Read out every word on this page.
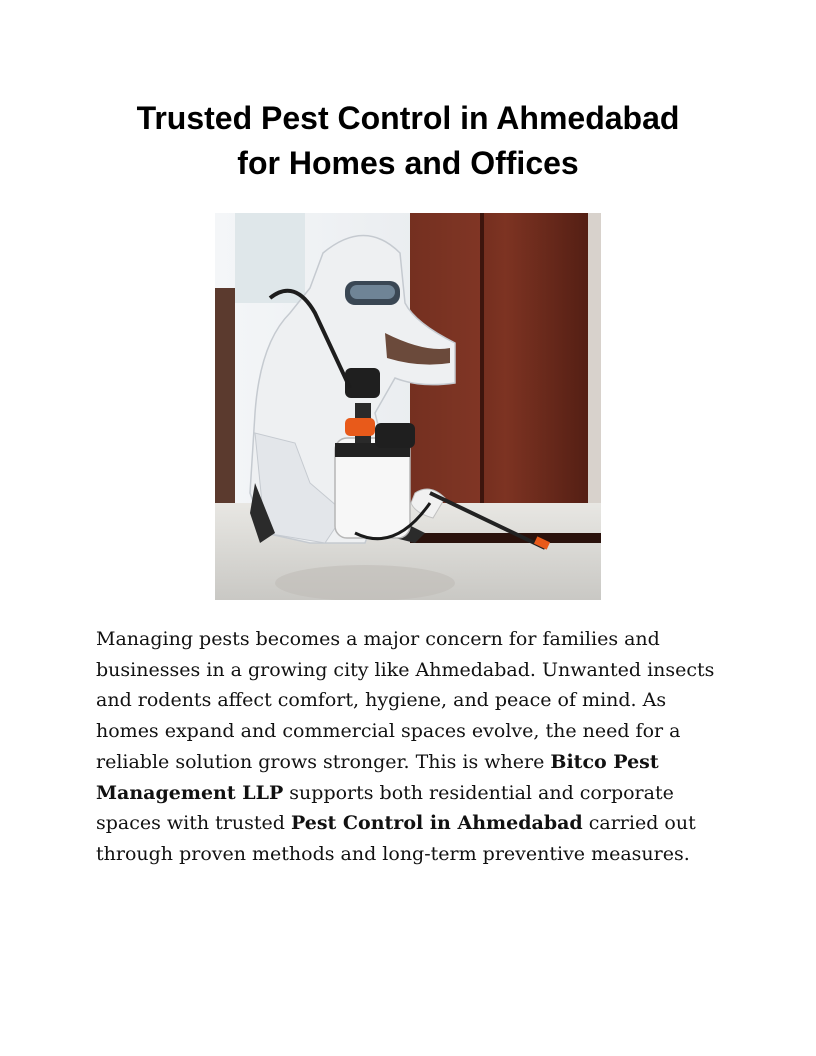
Trusted Pest Control in Ahmedabad
for Homes and Offices

Managing pests becomes a major concern for families and businesses in a growing city like Ahmedabad. Unwanted insects and rodents affect comfort, hygiene, and peace of mind. As homes expand and commercial spaces evolve, the need for a reliable solution grows stronger. This is where Bitco Pest Management LLP supports both residential and corporate spaces with trusted Pest Control in Ahmedabad carried out through proven methods and long-term preventive measures.
